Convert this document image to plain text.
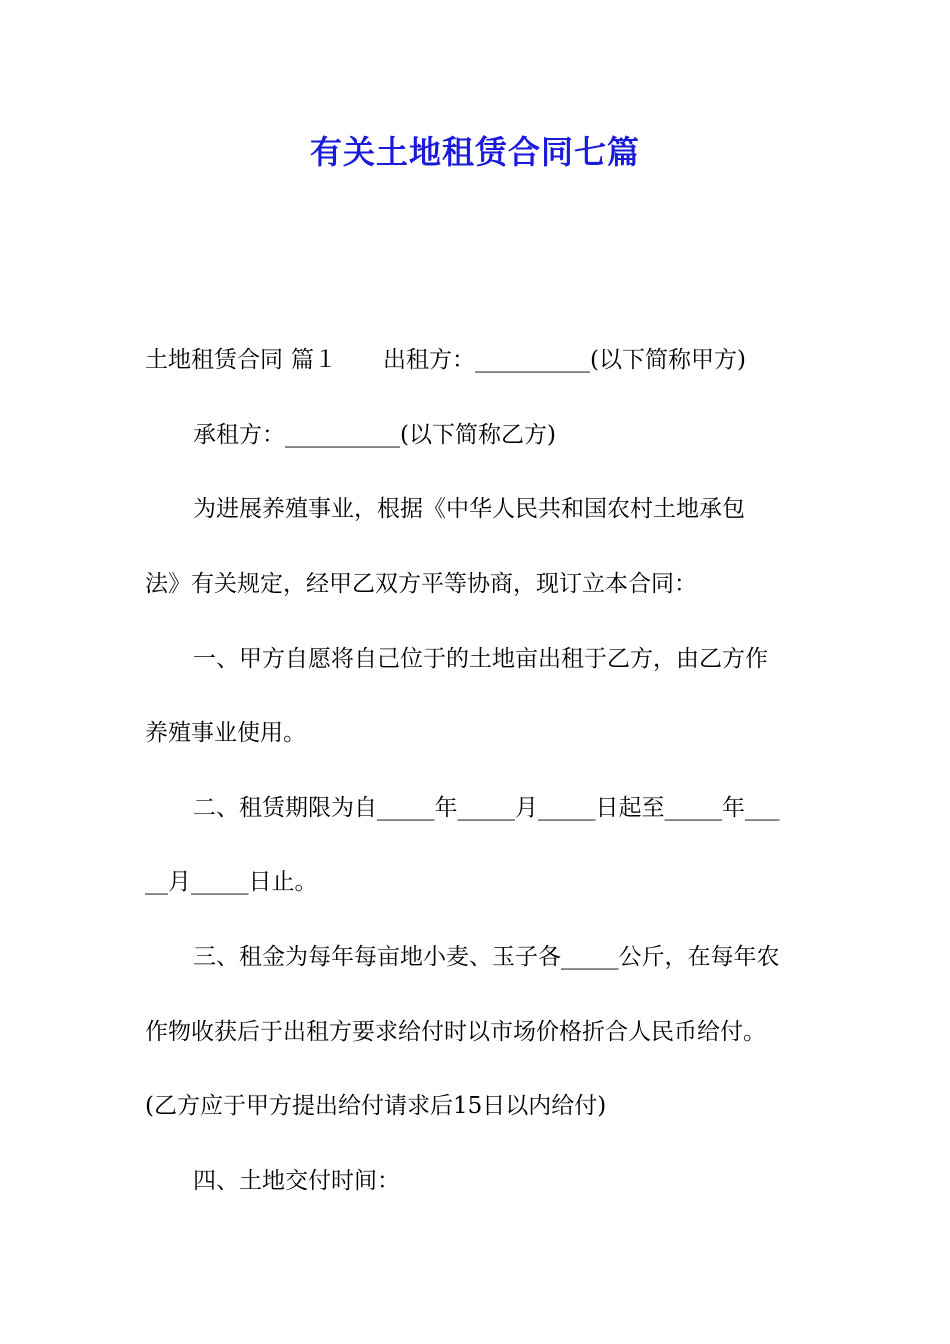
有关土地租赁合同七篇
土地租赁合同 篇１ 出租方：__________(以下简称甲方)
承租方：__________(以下简称乙方)
为进展养殖事业，根据《中华人民共和国农村土地承包
法》有关规定，经甲乙双方平等协商，现订立本合同：
一、甲方自愿将自己位于的土地亩出租于乙方，由乙方作
养殖事业使用。
二、租赁期限为自_____年_____月_____日起至_____年___
__月_____日止。
三、租金为每年每亩地小麦、玉子各_____公斤，在每年农
作物收获后于出租方要求给付时以市场价格折合人民币给付。
(乙方应于甲方提出给付请求后15日以内给付)
四、土地交付时间：
